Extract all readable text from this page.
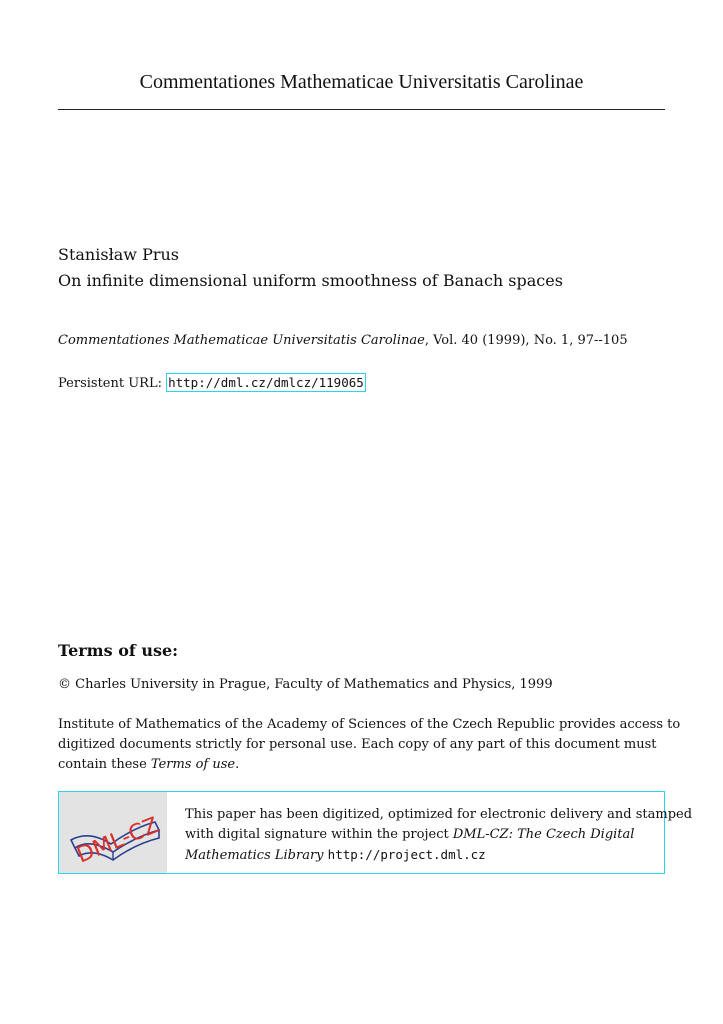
Commentationes Mathematicae Universitatis Carolinae
Stanisław Prus
On infinite dimensional uniform smoothness of Banach spaces
Commentationes Mathematicae Universitatis Carolinae, Vol. 40 (1999), No. 1, 97--105
Persistent URL: http://dml.cz/dmlcz/119065
Terms of use:
© Charles University in Prague, Faculty of Mathematics and Physics, 1999
Institute of Mathematics of the Academy of Sciences of the Czech Republic provides access to
digitized documents strictly for personal use. Each copy of any part of this document must
contain these Terms of use.
DML-CZ This paper has been digitized, optimized for electronic delivery and stamped
with digital signature within the project DML-CZ: The Czech Digital
Mathematics Library http://project.dml.cz
